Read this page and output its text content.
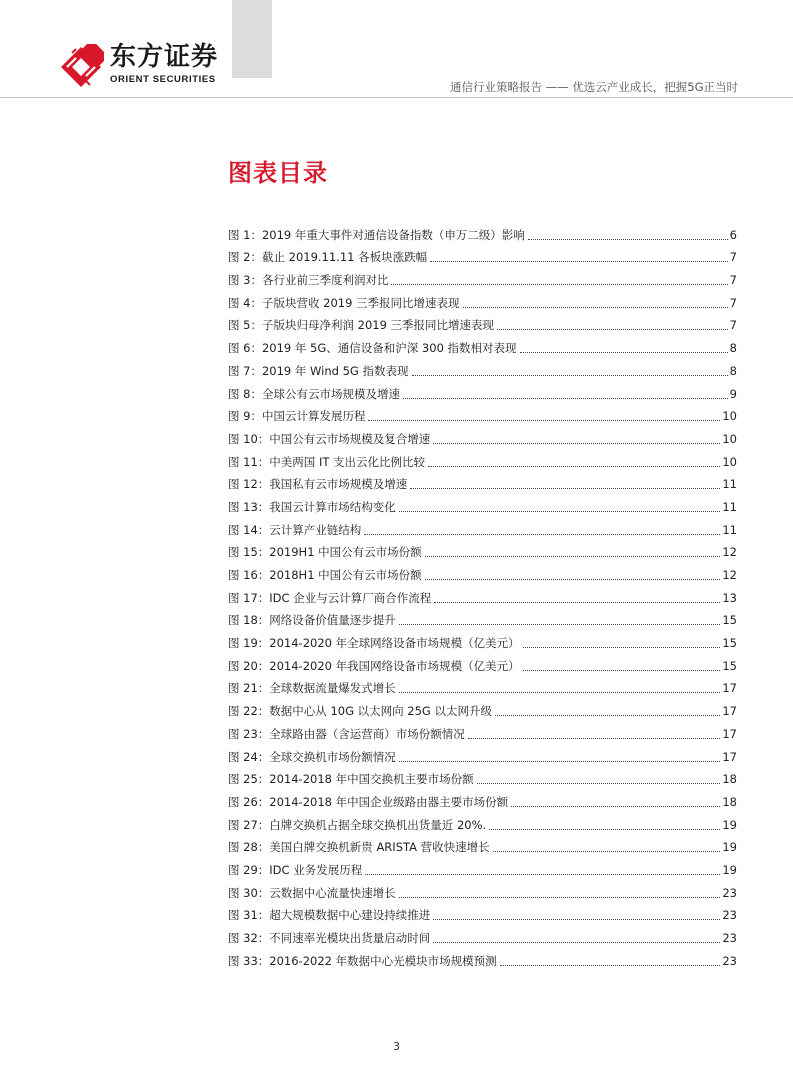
东方证券
ORIENT SECURITIES
通信行业策略报告 —— 优选云产业成长，把握5G正当时
图表目录
图 1：2019 年重大事件对通信设备指数（申万二级）影响	6
图 2：截止 2019.11.11 各板块涨跌幅	7
图 3：各行业前三季度利润对比	7
图 4：子版块营收 2019 三季报同比增速表现	7
图 5：子版块归母净利润 2019 三季报同比增速表现	7
图 6：2019 年 5G、通信设备和沪深 300 指数相对表现	8
图 7：2019 年 Wind 5G 指数表现	8
图 8：全球公有云市场规模及增速	9
图 9：中国云计算发展历程	10
图 10：中国公有云市场规模及复合增速	10
图 11：中美两国 IT 支出云化比例比较	10
图 12：我国私有云市场规模及增速	11
图 13：我国云计算市场结构变化	11
图 14：云计算产业链结构	11
图 15：2019H1 中国公有云市场份额	12
图 16：2018H1 中国公有云市场份额	12
图 17：IDC 企业与云计算厂商合作流程	13
图 18：网络设备价值量逐步提升	15
图 19：2014-2020 年全球网络设备市场规模（亿美元）	15
图 20：2014-2020 年我国网络设备市场规模（亿美元）	15
图 21：全球数据流量爆发式增长	17
图 22：数据中心从 10G 以太网向 25G 以太网升级	17
图 23：全球路由器（含运营商）市场份额情况	17
图 24：全球交换机市场份额情况	17
图 25：2014-2018 年中国交换机主要市场份额	18
图 26：2014-2018 年中国企业级路由器主要市场份额	18
图 27：白牌交换机占据全球交换机出货量近 20%.	19
图 28：美国白牌交换机新贵 ARISTA 营收快速增长	19
图 29：IDC 业务发展历程	19
图 30：云数据中心流量快速增长	23
图 31：超大规模数据中心建设持续推进	23
图 32：不同速率光模块出货量启动时间	23
图 33：2016-2022 年数据中心光模块市场规模预测	23
3
